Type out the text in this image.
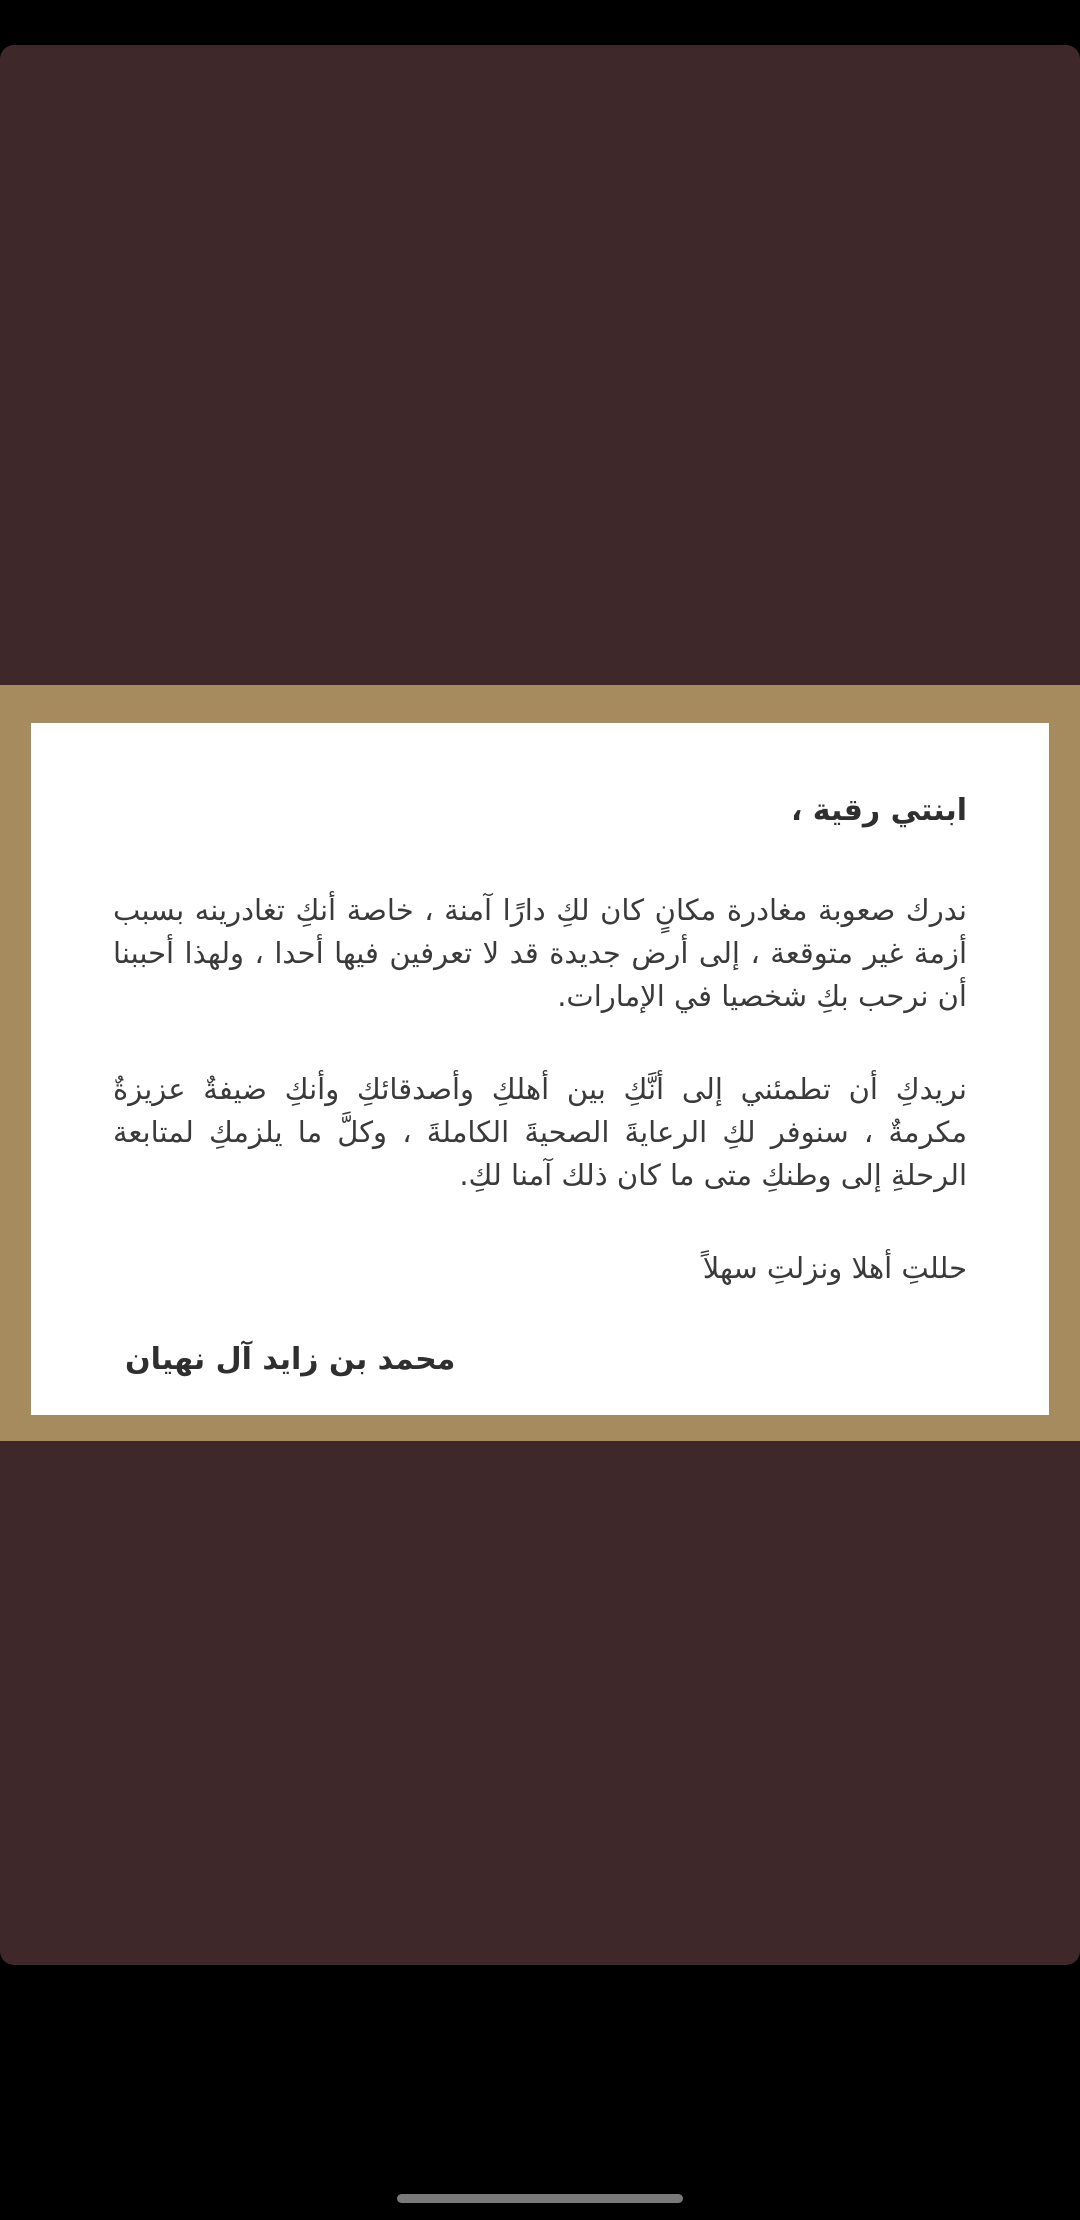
ابنتي رقية ،

ندرك صعوبة مغادرة مكانٍ كان لكِ دارًا آمنة ، خاصة أنكِ تغادرينه بسبب أزمة غير متوقعة ، إلى أرض جديدة قد لا تعرفين فيها أحدا ، ولهذا أحببنا أن نرحب بكِ شخصيا في الإمارات.

نريدكِ أن تطمئني إلى أنَّكِ بين أهلكِ وأصدقائكِ وأنكِ ضيفةٌ عزيزةٌ مكرمةٌ ، سنوفر لكِ الرعايةَ الصحيةَ الكاملةَ ، وكلَّ ما يلزمكِ لمتابعة الرحلةِ إلى وطنكِ متى ما كان ذلك آمنا لكِ.

حللتِ أهلا ونزلتِ سهلاً

محمد بن زايد آل نهيان
